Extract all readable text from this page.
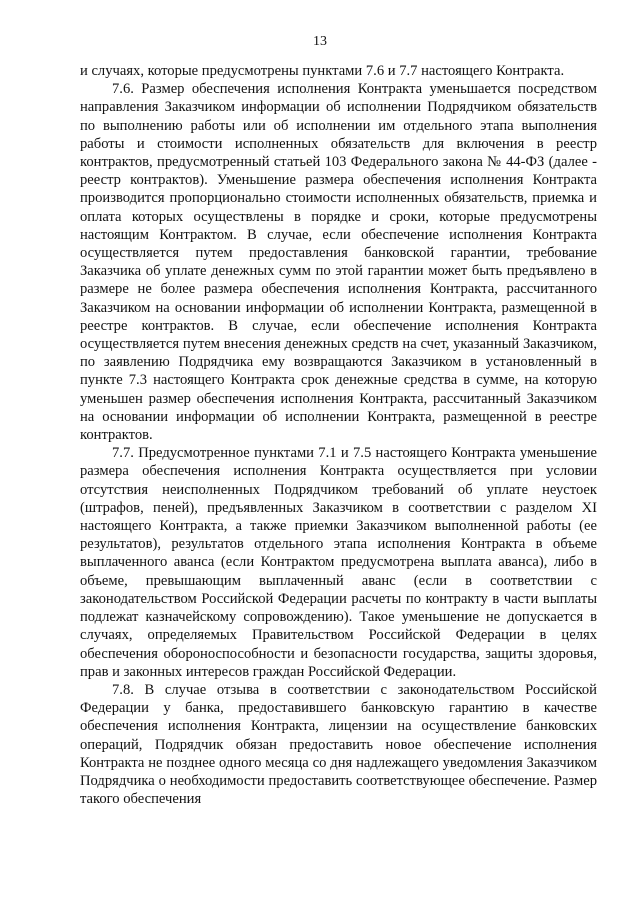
13

и случаях, которые предусмотрены пунктами 7.6 и 7.7 настоящего Контракта.

7.6. Размер обеспечения исполнения Контракта уменьшается посредством направления Заказчиком информации об исполнении Подрядчиком обязательств по выполнению работы или об исполнении им отдельного этапа выполнения работы и стоимости исполненных обязательств для включения в реестр контрактов, предусмотренный статьей 103 Федерального закона № 44-ФЗ (далее - реестр контрактов). Уменьшение размера обеспечения исполнения Контракта производится пропорционально стоимости исполненных обязательств, приемка и оплата которых осуществлены в порядке и сроки, которые предусмотрены настоящим Контрактом. В случае, если обеспечение исполнения Контракта осуществляется путем предоставления банковской гарантии, требование Заказчика об уплате денежных сумм по этой гарантии может быть предъявлено в размере не более размера обеспечения исполнения Контракта, рассчитанного Заказчиком на основании информации об исполнении Контракта, размещенной в реестре контрактов. В случае, если обеспечение исполнения Контракта осуществляется путем внесения денежных средств на счет, указанный Заказчиком, по заявлению Подрядчика ему возвращаются Заказчиком в установленный в пункте 7.3 настоящего Контракта срок денежные средства в сумме, на которую уменьшен размер обеспечения исполнения Контракта, рассчитанный Заказчиком на основании информации об исполнении Контракта, размещенной в реестре контрактов.

7.7. Предусмотренное пунктами 7.1 и 7.5 настоящего Контракта уменьшение размера обеспечения исполнения Контракта осуществляется при условии отсутствия неисполненных Подрядчиком требований об уплате неустоек (штрафов, пеней), предъявленных Заказчиком в соответствии с разделом XI настоящего Контракта, а также приемки Заказчиком выполненной работы (ее результатов), результатов отдельного этапа исполнения Контракта в объеме выплаченного аванса (если Контрактом предусмотрена выплата аванса), либо в объеме, превышающим выплаченный аванс (если в соответствии с законодательством Российской Федерации расчеты по контракту в части выплаты подлежат казначейскому сопровождению). Такое уменьшение не допускается в случаях, определяемых Правительством Российской Федерации в целях обеспечения обороноспособности и безопасности государства, защиты здоровья, прав и законных интересов граждан Российской Федерации.

7.8. В случае отзыва в соответствии с законодательством Российской Федерации у банка, предоставившего банковскую гарантию в качестве обеспечения исполнения Контракта, лицензии на осуществление банковских операций, Подрядчик обязан предоставить новое обеспечение исполнения Контракта не позднее одного месяца со дня надлежащего уведомления Заказчиком Подрядчика о необходимости предоставить соответствующее обеспечение. Размер такого обеспечения
